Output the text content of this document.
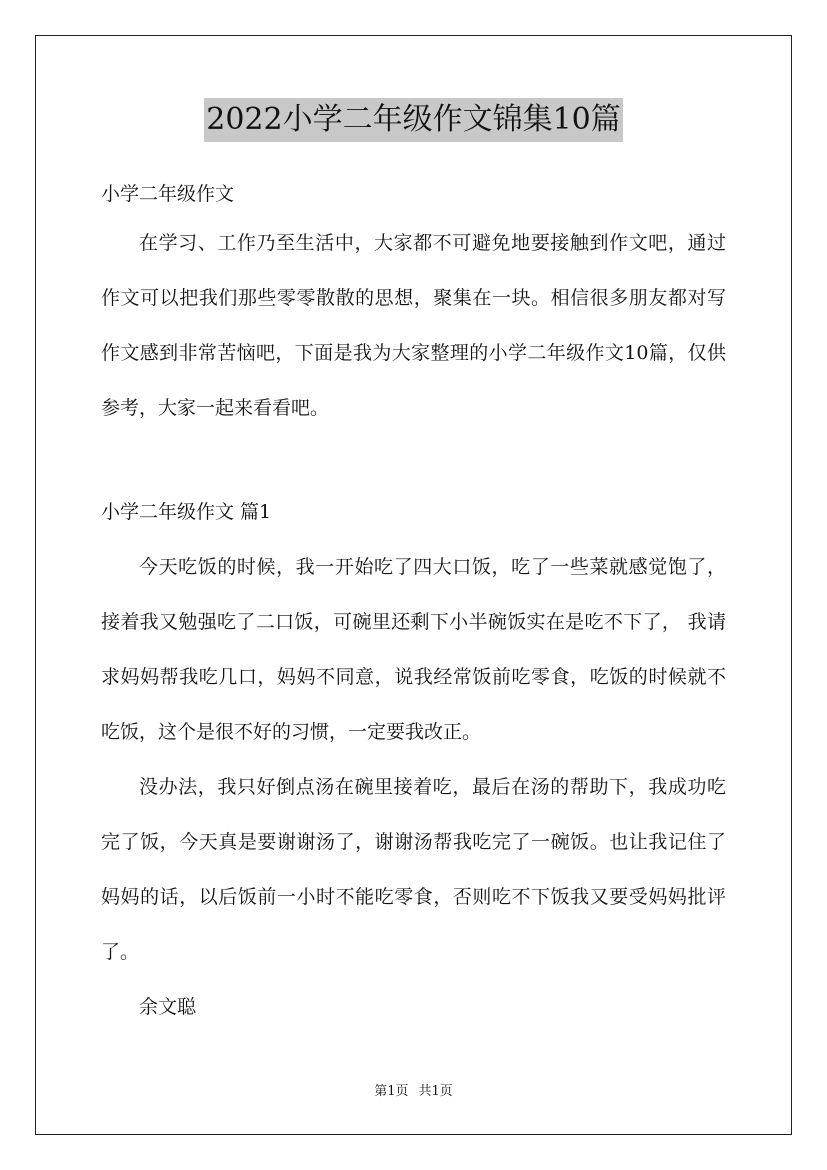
2022小学二年级作文锦集10篇

小学二年级作文

在学习、工作乃至生活中，大家都不可避免地要接触到作文吧，通过作文可以把我们那些零零散散的思想，聚集在一块。相信很多朋友都对写作文感到非常苦恼吧，下面是我为大家整理的小学二年级作文10篇，仅供参考，大家一起来看看吧。

小学二年级作文 篇1

今天吃饭的时候，我一开始吃了四大口饭，吃了一些菜就感觉饱了， 接着我又勉强吃了二口饭，可碗里还剩下小半碗饭实在是吃不下了， 我请求妈妈帮我吃几口，妈妈不同意，说我经常饭前吃零食，吃饭的时候就不吃饭，这个是很不好的习惯，一定要我改正。

没办法，我只好倒点汤在碗里接着吃，最后在汤的帮助下，我成功吃完了饭，今天真是要谢谢汤了，谢谢汤帮我吃完了一碗饭。也让我记住了妈妈的话，以后饭前一小时不能吃零食，否则吃不下饭我又要受妈妈批评了。

余文聪

第1页 共1页
